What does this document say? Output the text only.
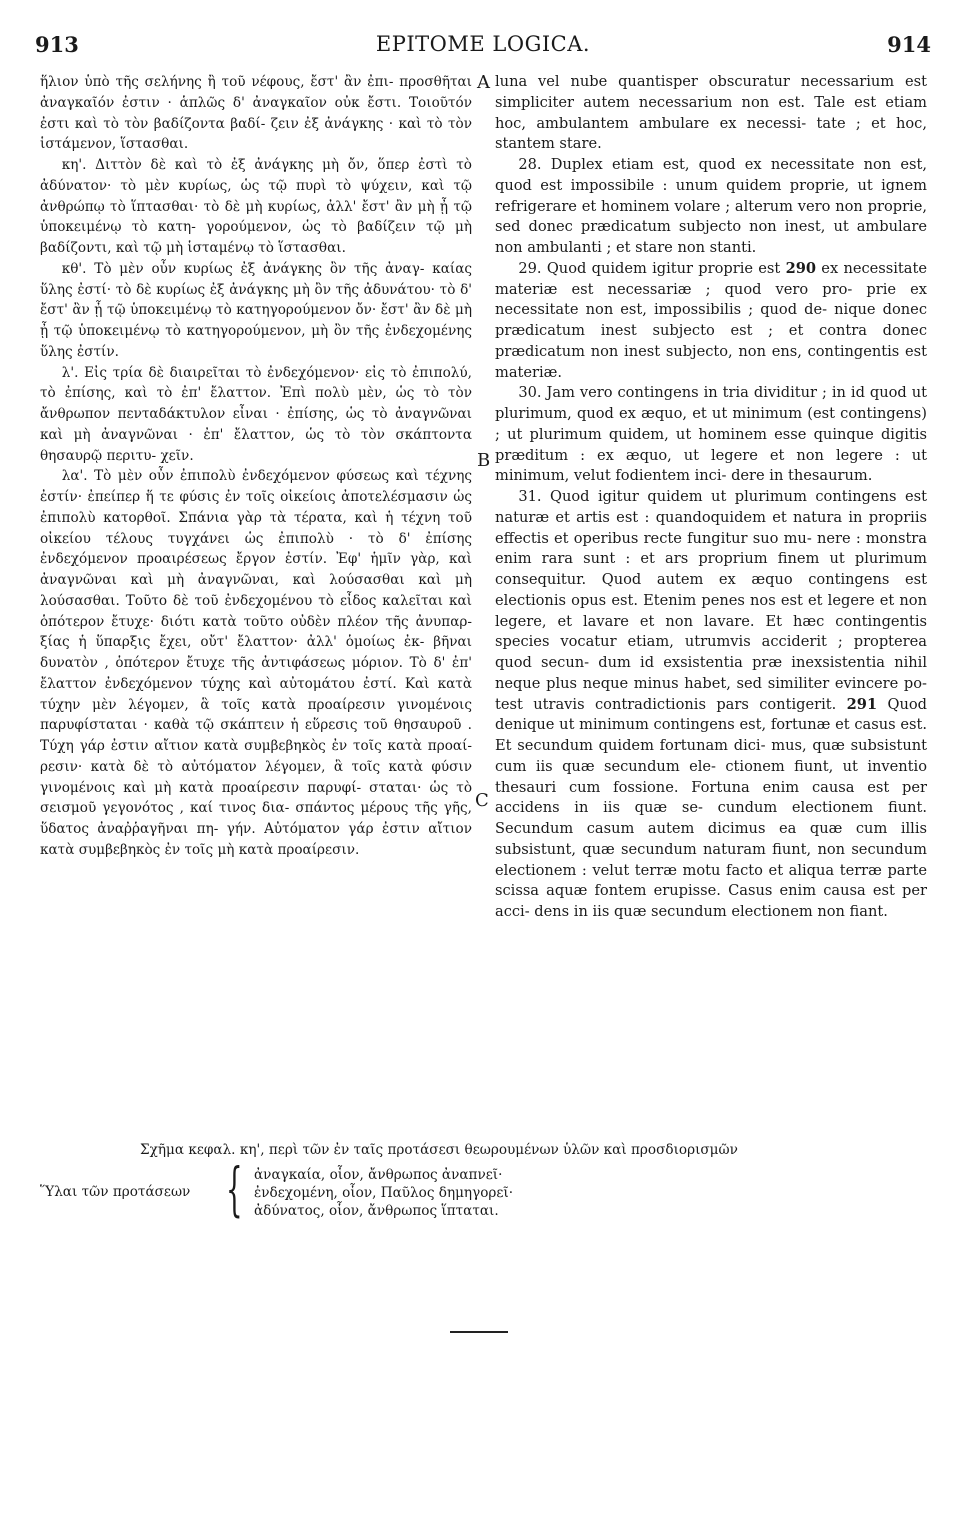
913	EPITOME LOGICA.	914
A
B
C

ἥλιον ὑπὸ τῆς σελήνης ἢ τοῦ νέφους, ἔστ' ἂν ἐπι- προσθῆται ἀναγκαῖόν ἐστιν · ἁπλῶς δ' ἀναγκαῖον οὐκ ἔστι. Τοιοῦτόν ἐστι καὶ τὸ τὸν βαδίζοντα βαδί- ζειν ἐξ ἀνάγκης · καὶ τὸ τὸν ἱστάμενον, ἵστασθαι.

κη'. Διττὸν δὲ καὶ τὸ ἐξ ἀνάγκης μὴ ὄν, ὅπερ ἐστὶ τὸ ἀδύνατον· τὸ μὲν κυρίως, ὡς τῷ πυρὶ τὸ ψύχειν, καὶ τῷ ἀνθρώπῳ τὸ ἵπτασθαι· τὸ δὲ μὴ κυρίως, ἀλλ' ἔστ' ἂν μὴ ᾖ τῷ ὑποκειμένῳ τὸ κατη- γορούμενον, ὡς τὸ βαδίζειν τῷ μὴ βαδίζοντι, καὶ τῷ μὴ ἱσταμένῳ τὸ ἵστασθαι.

κθ'. Τὸ μὲν οὖν κυρίως ἐξ ἀνάγκης ὂν τῆς ἀναγ- καίας ὕλης ἐστί· τὸ δὲ κυρίως ἐξ ἀνάγκης μὴ ὂν τῆς ἀδυνάτου· τὸ δ' ἔστ' ἂν ᾖ τῷ ὑποκειμένῳ τὸ κατηγορούμενον ὄν· ἔστ' ἂν δὲ μὴ ᾖ τῷ ὑποκειμένῳ τὸ κατηγορούμενον, μὴ ὂν τῆς ἐνδεχομένης ὕλης ἐστίν.

λ'. Εἰς τρία δὲ διαιρεῖται τὸ ἐνδεχόμενον· εἰς τὸ ἐπιπολύ, τὸ ἐπίσης, καὶ τὸ ἐπ' ἔλαττον. Ἐπὶ πολὺ μὲν, ὡς τὸ τὸν ἄνθρωπον πενταδάκτυλον εἶναι · ἐπίσης, ὡς τὸ ἀναγνῶναι καὶ μὴ ἀναγνῶναι · ἐπ' ἔλαττον, ὡς τὸ τὸν σκάπτοντα θησαυρῷ περιτυ- χεῖν.

λα'. Τὸ μὲν οὖν ἐπιπολὺ ἐνδεχόμενον φύσεως καὶ τέχνης ἐστίν· ἐπείπερ ἥ τε φύσις ἐν τοῖς οἰκείοις ἀποτελέσμασιν ὡς ἐπιπολὺ κατορθοῖ. Σπάνια γὰρ τὰ τέρατα, καὶ ἡ τέχνη τοῦ οἰκείου τέλους τυγχάνει ὡς ἐπιπολὺ · τὸ δ' ἐπίσης ἐνδεχόμενον προαιρέσεως ἔργον ἐστίν. Ἐφ' ἡμῖν γὰρ, καὶ ἀναγνῶναι καὶ μὴ ἀναγνῶναι, καὶ λούσασθαι καὶ μὴ λούσασθαι. Τοῦτο δὲ τοῦ ἐνδεχομένου τὸ εἶδος καλεῖται καὶ ὁπότερον ἔτυχε· διότι κατὰ τοῦτο οὐδὲν πλέον τῆς ἀνυπαρ- ξίας ἡ ὕπαρξις ἔχει, οὔτ' ἔλαττον· ἀλλ' ὁμοίως ἐκ- βῆναι δυνατὸν , ὁπότερον ἔτυχε τῆς ἀντιφάσεως μόριον. Τὸ δ' ἐπ' ἔλαττον ἐνδεχόμενον τύχης καὶ αὐτομάτου ἐστί. Καὶ κατὰ τύχην μὲν λέγομεν, ἃ τοῖς κατὰ προαίρεσιν γινομένοις παρυφίσταται · καθὰ τῷ σκάπτειν ἡ εὕρεσις τοῦ θησαυροῦ . Τύχη γάρ ἐστιν αἴτιον κατὰ συμβεβηκὸς ἐν τοῖς κατὰ προαί- ρεσιν· κατὰ δὲ τὸ αὐτόματον λέγομεν, ἃ τοῖς κατὰ φύσιν γινομένοις καὶ μὴ κατὰ προαίρεσιν παρυφί- σταται· ὡς τὸ σεισμοῦ γεγονότος , καί τινος δια- σπάντος μέρους τῆς γῆς, ὕδατος ἀναῤῥαγῆναι πη- γήν. Αὐτόματον γάρ ἐστιν αἴτιον κατὰ συμβεβηκὸς ἐν τοῖς μὴ κατὰ προαίρεσιν.

luna vel nube quantisper obscuratur necessarium est simpliciter autem necessarium non est. Tale est etiam hoc, ambulantem ambulare ex necessi- tate ; et hoc, stantem stare.

28. Duplex etiam est, quod ex necessitate non est, quod est impossibile : unum quidem proprie, ut ignem refrigerare et hominem volare ; alterum vero non proprie, sed donec prædicatum subjecto non inest, ut ambulare non ambulanti ; et stare non stanti.

29. Quod quidem igitur proprie est 290 ex necessitate materiæ est necessariæ ; quod vero pro- prie ex necessitate non est, impossibilis ; quod de- nique donec prædicatum inest subjecto est ; et contra donec prædicatum non inest subjecto, non ens, contingentis est materiæ.

30. Jam vero contingens in tria dividitur ; in id quod ut plurimum, quod ex æquo, et ut minimum (est contingens) ; ut plurimum quidem, ut hominem esse quinque digitis præditum : ex æquo, ut legere et non legere : ut minimum, velut fodientem inci- dere in thesaurum.

31. Quod igitur quidem ut plurimum contingens est naturæ et artis est : quandoquidem et natura in propriis effectis et operibus recte fungitur suo mu- nere : monstra enim rara sunt : et ars proprium finem ut plurimum consequitur. Quod autem ex æquo contingens est electionis opus est. Etenim penes nos est et legere et non legere, et lavare et non lavare. Et hæc contingentis species vocatur etiam, utrumvis acciderit ; propterea quod secun- dum id exsistentia præ inexsistentia nihil neque plus neque minus habet, sed similiter evincere po- test utravis contradictionis pars contigerit. 291 Quod denique ut minimum contingens est, fortunæ et casus est. Et secundum quidem fortunam dici- mus, quæ subsistunt cum iis quæ secundum ele- ctionem fiunt, ut inventio thesauri cum fossione. Fortuna enim causa est per accidens in iis quæ se- cundum electionem fiunt. Secundum casum autem dicimus ea quæ cum illis subsistunt, quæ secundum naturam fiunt, non secundum electionem : velut terræ motu facto et aliqua terræ parte scissa aquæ fontem erupisse. Casus enim causa est per acci- dens in iis quæ secundum electionem non fiant.

Σχῆμα κεφαλ. κη', περὶ τῶν ἐν ταῖς προτάσεσι θεωρουμένων ὑλῶν καὶ προσδιορισμῶν
Ὕλαι τῶν προτάσεων { ἀναγκαία, οἷον, ἄνθρωπος ἀναπνεῖ·
ἐνδεχομένη, οἷον, Παῦλος δημηγορεῖ·
ἀδύνατος, οἷον, ἄνθρωπος ἵπταται.
